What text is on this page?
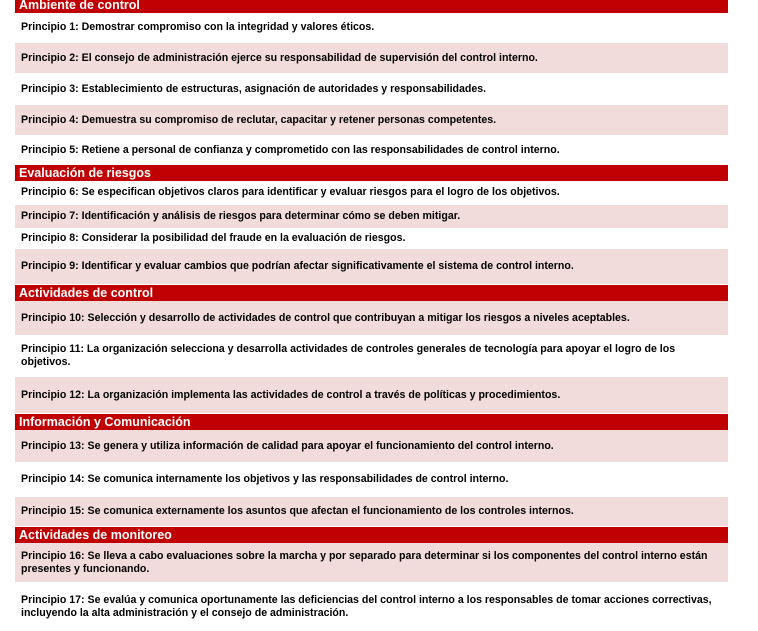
Ambiente de control
Principio 1: Demostrar compromiso con la integridad y valores éticos.
Principio 2: El consejo de administración ejerce su responsabilidad de supervisión del control interno.
Principio 3: Establecimiento de estructuras, asignación de autoridades y responsabilidades.
Principio 4: Demuestra su compromiso de reclutar, capacitar y retener personas competentes.
Principio 5: Retiene a personal de confianza y comprometido con las responsabilidades de control interno.
Evaluación de riesgos
Principio 6: Se especifican objetivos claros para identificar y evaluar riesgos para el logro de los objetivos.
Principio 7: Identificación y análisis de riesgos para determinar cómo se deben mitigar.
Principio 8: Considerar la posibilidad del fraude en la evaluación de riesgos.
Principio 9: Identificar y evaluar cambios que podrían afectar significativamente el sistema de control interno.
Actividades de control
Principio 10: Selección y desarrollo de actividades de control que contribuyan a mitigar los riesgos a niveles aceptables.
Principio 11: La organización selecciona y desarrolla actividades de controles generales de tecnología para apoyar el logro de los objetivos.
Principio 12: La organización implementa las actividades de control a través de políticas y procedimientos.
Información y Comunicación
Principio 13: Se genera y utiliza información de calidad para apoyar el funcionamiento del control interno.
Principio 14: Se comunica internamente los objetivos y las responsabilidades de control interno.
Principio 15: Se comunica externamente los asuntos que afectan el funcionamiento de los controles internos.
Actividades de monitoreo
Principio 16: Se lleva a cabo evaluaciones sobre la marcha y por separado para determinar si los componentes del control interno están presentes y funcionando.
Principio 17: Se evalúa y comunica oportunamente las deficiencias del control interno a los responsables de tomar acciones correctivas, incluyendo la alta administración y el consejo de administración.
